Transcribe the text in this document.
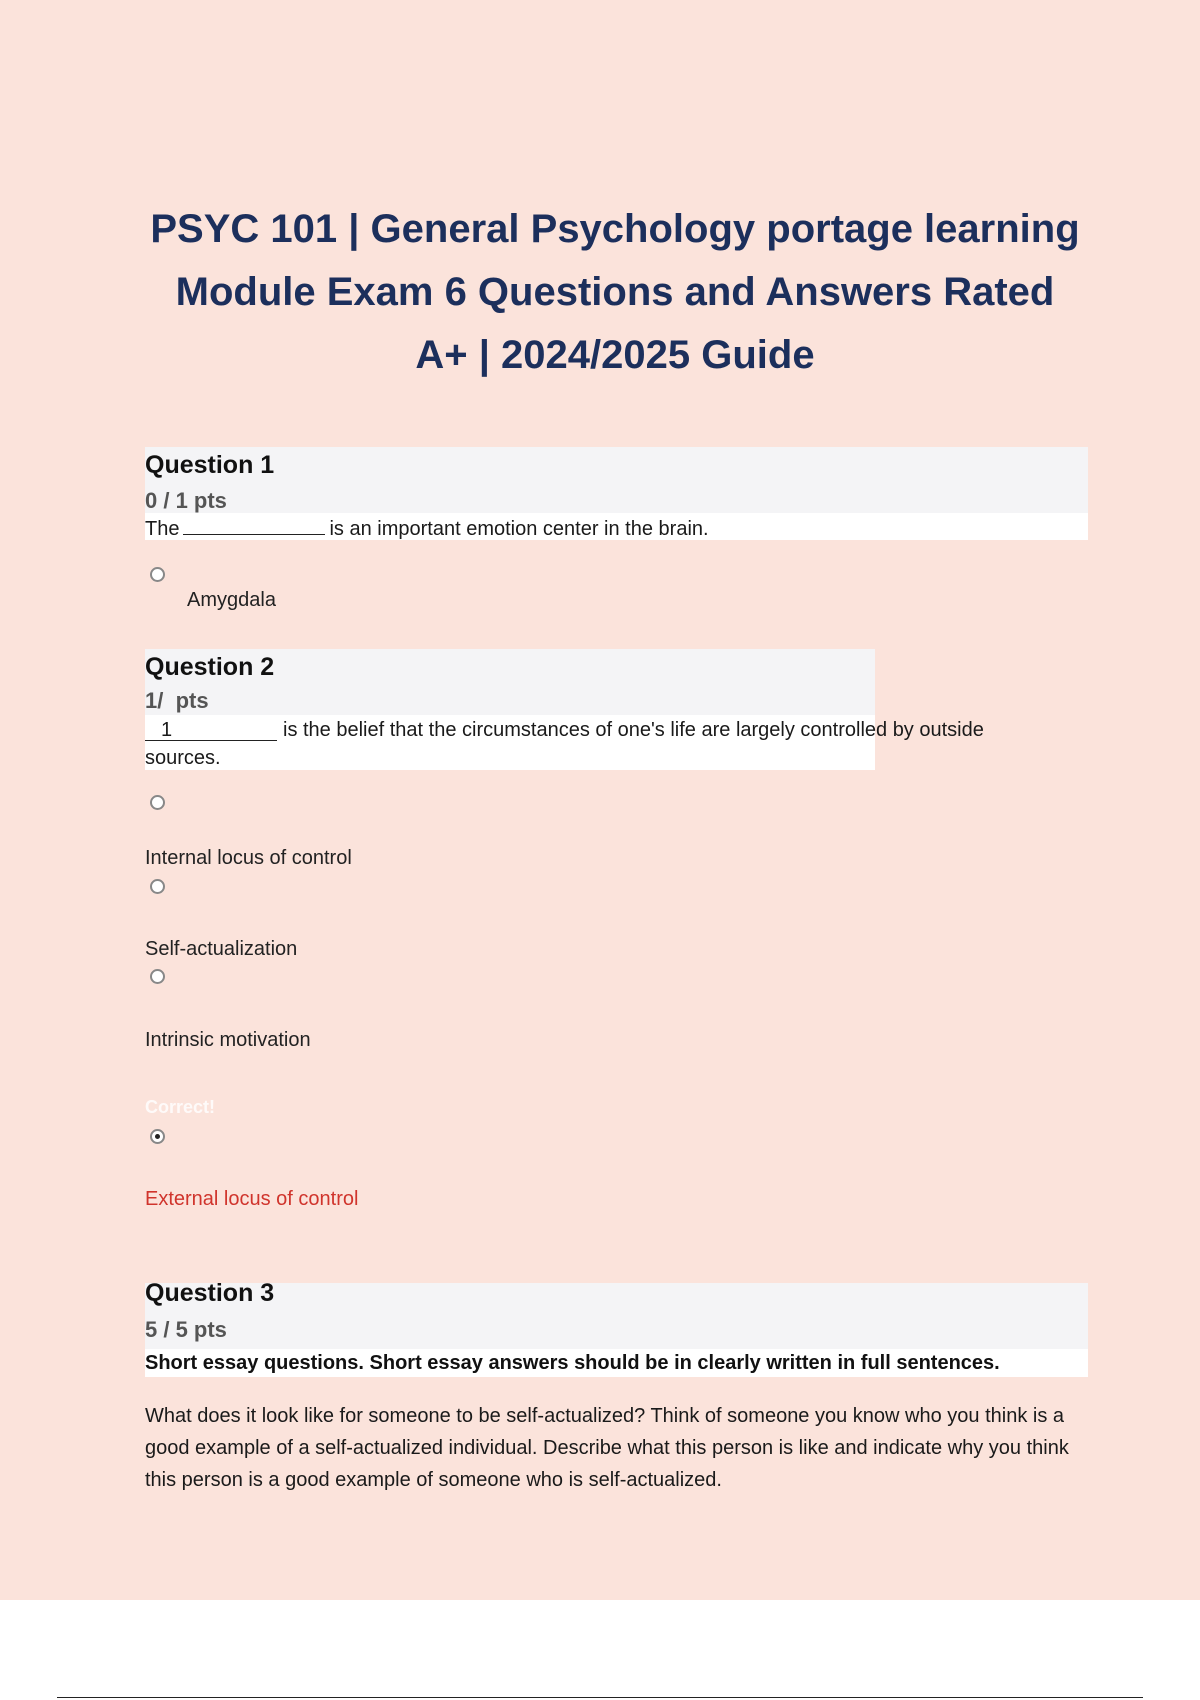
PSYC 101 | General Psychology portage learning Module Exam 6 Questions and Answers Rated A+ | 2024/2025 Guide
Question 1
0 / 1 pts
The	is an important emotion center in the brain.
Amygdala
Question 2
1/  pts
1	is the belief that the circumstances of one's life are largely controlled by outside
sources.
Internal locus of control
Self-actualization
Intrinsic motivation
Correct!
External locus of control
Question 3
5 / 5 pts
Short essay questions. Short essay answers should be in clearly written in full sentences.
What does it look like for someone to be self-actualized? Think of someone you know who you think is a good example of a self-actualized individual. Describe what this person is like and indicate why you think this person is a good example of someone who is self-actualized.
